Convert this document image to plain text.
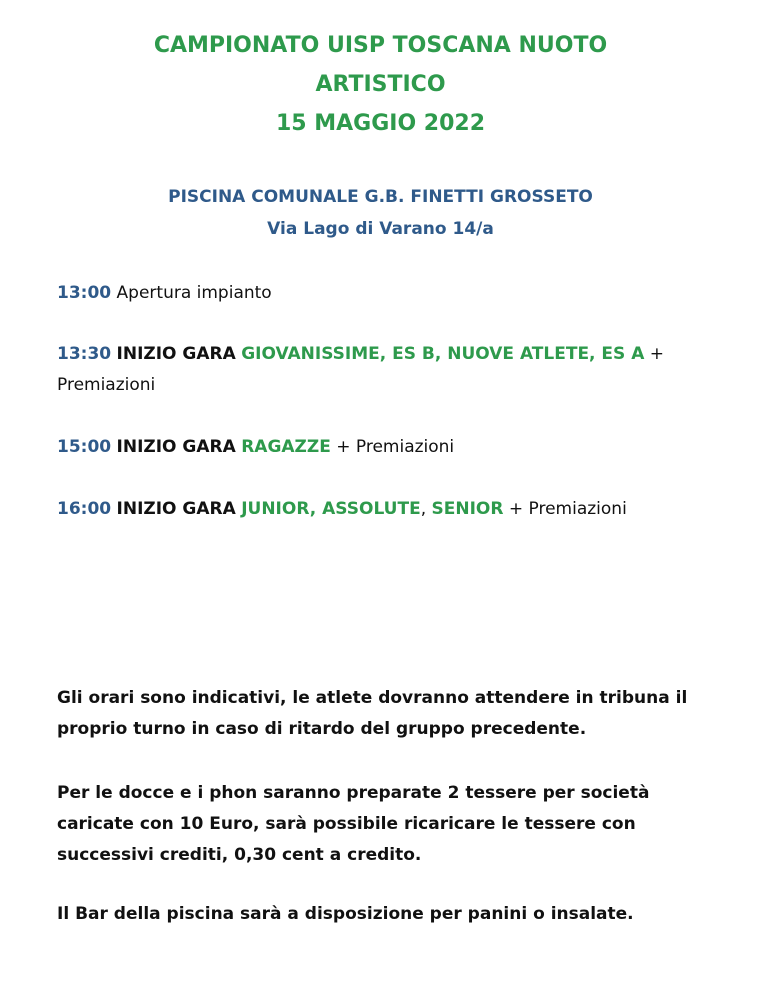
CAMPIONATO UISP TOSCANA NUOTO
ARTISTICO
15 MAGGIO 2022
PISCINA COMUNALE G.B. FINETTI GROSSETO
Via Lago di Varano 14/a
13:00 Apertura impianto
13:30 INIZIO GARA GIOVANISSIME, ES B, NUOVE ATLETE, ES A + Premiazioni
15:00 INIZIO GARA RAGAZZE + Premiazioni
16:00 INIZIO GARA JUNIOR, ASSOLUTE, SENIOR + Premiazioni
Gli orari sono indicativi, le atlete dovranno attendere in tribuna il
proprio turno in caso di ritardo del gruppo precedente.
Per le docce e i phon saranno preparate 2 tessere per società
caricate con 10 Euro, sarà possibile ricaricare le tessere con
successivi crediti, 0,30 cent a credito.
Il Bar della piscina sarà a disposizione per panini o insalate.
